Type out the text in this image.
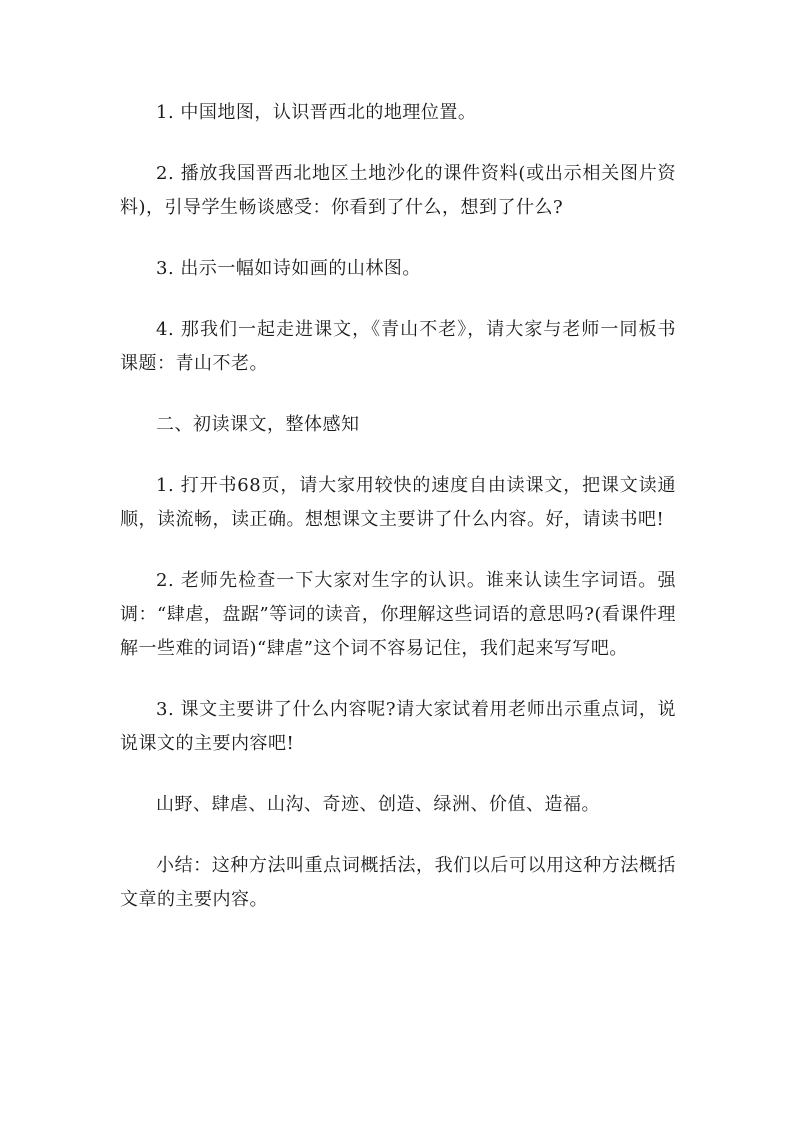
1. 中国地图，认识晋西北的地理位置。

2. 播放我国晋西北地区土地沙化的课件资料(或出示相关图片资料)，引导学生畅谈感受：你看到了什么，想到了什么?

3. 出示一幅如诗如画的山林图。

4. 那我们一起走进课文，《青山不老》，请大家与老师一同板书课题：青山不老。

二、初读课文，整体感知

1. 打开书68页，请大家用较快的速度自由读课文，把课文读通顺，读流畅，读正确。想想课文主要讲了什么内容。好，请读书吧!

2. 老师先检查一下大家对生字的认识。谁来认读生字词语。强调：“肆虐，盘踞”等词的读音，你理解这些词语的意思吗?(看课件理解一些难的词语)“肆虐”这个词不容易记住，我们起来写写吧。

3. 课文主要讲了什么内容呢?请大家试着用老师出示重点词，说说课文的主要内容吧!

山野、肆虐、山沟、奇迹、创造、绿洲、价值、造福。

小结：这种方法叫重点词概括法，我们以后可以用这种方法概括文章的主要内容。
